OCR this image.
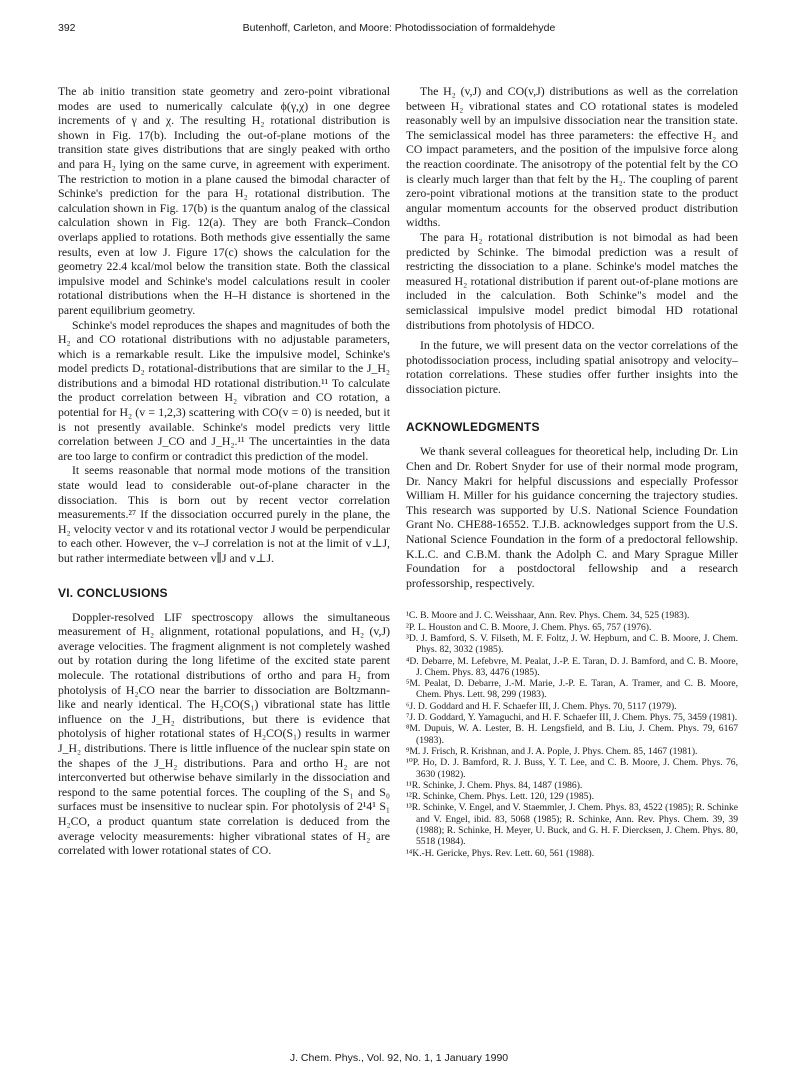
392	Butenhoff, Carleton, and Moore: Photodissociation of formaldehyde

The ab initio transition state geometry and zero-point vibrational modes are used to numerically calculate ϕ(γ,χ) in one degree increments of γ and χ. The resulting H₂ rotational distribution is shown in Fig. 17(b). Including the out-of-plane motions of the transition state gives distributions that are singly peaked with ortho and para H₂ lying on the same curve, in agreement with experiment. The restriction to motion in a plane caused the bimodal character of Schinke's prediction for the para H₂ rotational distribution. The calculation shown in Fig. 17(b) is the quantum analog of the classical calculation shown in Fig. 12(a). They are both Franck–Condon overlaps applied to rotations. Both methods give essentially the same results, even at low J. Figure 17(c) shows the calculation for the geometry 22.4 kcal/mol below the transition state. Both the classical impulsive model and Schinke's model calculations result in cooler rotational distributions when the H–H distance is shortened in the parent equilibrium geometry.

Schinke's model reproduces the shapes and magnitudes of both the H₂ and CO rotational distributions with no adjustable parameters, which is a remarkable result. Like the impulsive model, Schinke's model predicts D₂ rotational-distributions that are similar to the J_H₂ distributions and a bimodal HD rotational distribution.¹¹ To calculate the product correlation between H₂ vibration and CO rotation, a potential for H₂ (v = 1,2,3) scattering with CO(v = 0) is needed, but it is not presently available. Schinke's model predicts very little correlation between J_CO and J_H₂.¹¹ The uncertainties in the data are too large to confirm or contradict this prediction of the model.

It seems reasonable that normal mode motions of the transition state would lead to considerable out-of-plane character in the dissociation. This is born out by recent vector correlation measurements.²⁷ If the dissociation occurred purely in the plane, the H₂ velocity vector v and its rotational vector J would be perpendicular to each other. However, the v–J correlation is not at the limit of v⊥J, but rather intermediate between v∥J and v⊥J.

VI. CONCLUSIONS

Doppler-resolved LIF spectroscopy allows the simultaneous measurement of H₂ alignment, rotational populations, and H₂ (v,J) average velocities. The fragment alignment is not completely washed out by rotation during the long lifetime of the excited state parent molecule. The rotational distributions of ortho and para H₂ from photolysis of H₂CO near the barrier to dissociation are Boltzmann-like and nearly identical. The H₂CO(S₁) vibrational state has little influence on the J_H₂ distributions, but there is evidence that photolysis of higher rotational states of H₂CO(S₁) results in warmer J_H₂ distributions. There is little influence of the nuclear spin state on the shapes of the J_H₂ distributions. Para and ortho H₂ are not interconverted but otherwise behave similarly in the dissociation and respond to the same potential forces. The coupling of the S₁ and S₀ surfaces must be insensitive to nuclear spin. For photolysis of 2¹4¹ S₁ H₂CO, a product quantum state correlation is deduced from the average velocity measurements: higher vibrational states of H₂ are correlated with lower rotational states of CO.

The H₂ (v,J) and CO(v,J) distributions as well as the correlation between H₂ vibrational states and CO rotational states is modeled reasonably well by an impulsive dissociation near the transition state. The semiclassical model has three parameters: the effective H₂ and CO impact parameters, and the position of the impulsive force along the reaction coordinate. The anisotropy of the potential felt by the CO is clearly much larger than that felt by the H₂. The coupling of parent zero-point vibrational motions at the transition state to the product angular momentum accounts for the observed product distribution widths.

The para H₂ rotational distribution is not bimodal as had been predicted by Schinke. The bimodal prediction was a result of restricting the dissociation to a plane. Schinke's model matches the measured H₂ rotational distribution if parent out-of-plane motions are included in the calculation. Both Schinke"s model and the semiclassical impulsive model predict bimodal HD rotational distributions from photolysis of HDCO.

In the future, we will present data on the vector correlations of the photodissociation process, including spatial anisotropy and velocity–rotation correlations. These studies offer further insights into the dissociation picture.

ACKNOWLEDGMENTS

We thank several colleagues for theoretical help, including Dr. Lin Chen and Dr. Robert Snyder for use of their normal mode program, Dr. Nancy Makri for helpful discussions and especially Professor William H. Miller for his guidance concerning the trajectory studies. This research was supported by U.S. National Science Foundation Grant No. CHE88-16552. T.J.B. acknowledges support from the U.S. National Science Foundation in the form of a predoctoral fellowship. K.L.C. and C.B.M. thank the Adolph C. and Mary Sprague Miller Foundation for a postdoctoral fellowship and a research professorship, respectively.

¹C. B. Moore and J. C. Weisshaar, Ann. Rev. Phys. Chem. 34, 525 (1983).
²P. L. Houston and C. B. Moore, J. Chem. Phys. 65, 757 (1976).
³D. J. Bamford, S. V. Filseth, M. F. Foltz, J. W. Hepburn, and C. B. Moore, J. Chem. Phys. 82, 3032 (1985).
⁴D. Debarre, M. Lefebvre, M. Pealat, J.-P. E. Taran, D. J. Bamford, and C. B. Moore, J. Chem. Phys. 83, 4476 (1985).
⁵M. Pealat, D. Debarre, J.-M. Marie, J.-P. E. Taran, A. Tramer, and C. B. Moore, Chem. Phys. Lett. 98, 299 (1983).
⁶J. D. Goddard and H. F. Schaefer III, J. Chem. Phys. 70, 5117 (1979).
⁷J. D. Goddard, Y. Yamaguchi, and H. F. Schaefer III, J. Chem. Phys. 75, 3459 (1981).
⁸M. Dupuis, W. A. Lester, B. H. Lengsfield, and B. Liu, J. Chem. Phys. 79, 6167 (1983).
⁹M. J. Frisch, R. Krishnan, and J. A. Pople, J. Phys. Chem. 85, 1467 (1981).
¹⁰P. Ho, D. J. Bamford, R. J. Buss, Y. T. Lee, and C. B. Moore, J. Chem. Phys. 76, 3630 (1982).
¹¹R. Schinke, J. Chem. Phys. 84, 1487 (1986).
¹²R. Schinke, Chem. Phys. Lett. 120, 129 (1985).
¹³R. Schinke, V. Engel, and V. Staemmler, J. Chem. Phys. 83, 4522 (1985); R. Schinke and V. Engel, ibid. 83, 5068 (1985); R. Schinke, Ann. Rev. Phys. Chem. 39, 39 (1988); R. Schinke, H. Meyer, U. Buck, and G. H. F. Diercksen, J. Chem. Phys. 80, 5518 (1984).
¹⁴K.-H. Gericke, Phys. Rev. Lett. 60, 561 (1988).
J. Chem. Phys., Vol. 92, No. 1, 1 January 1990
